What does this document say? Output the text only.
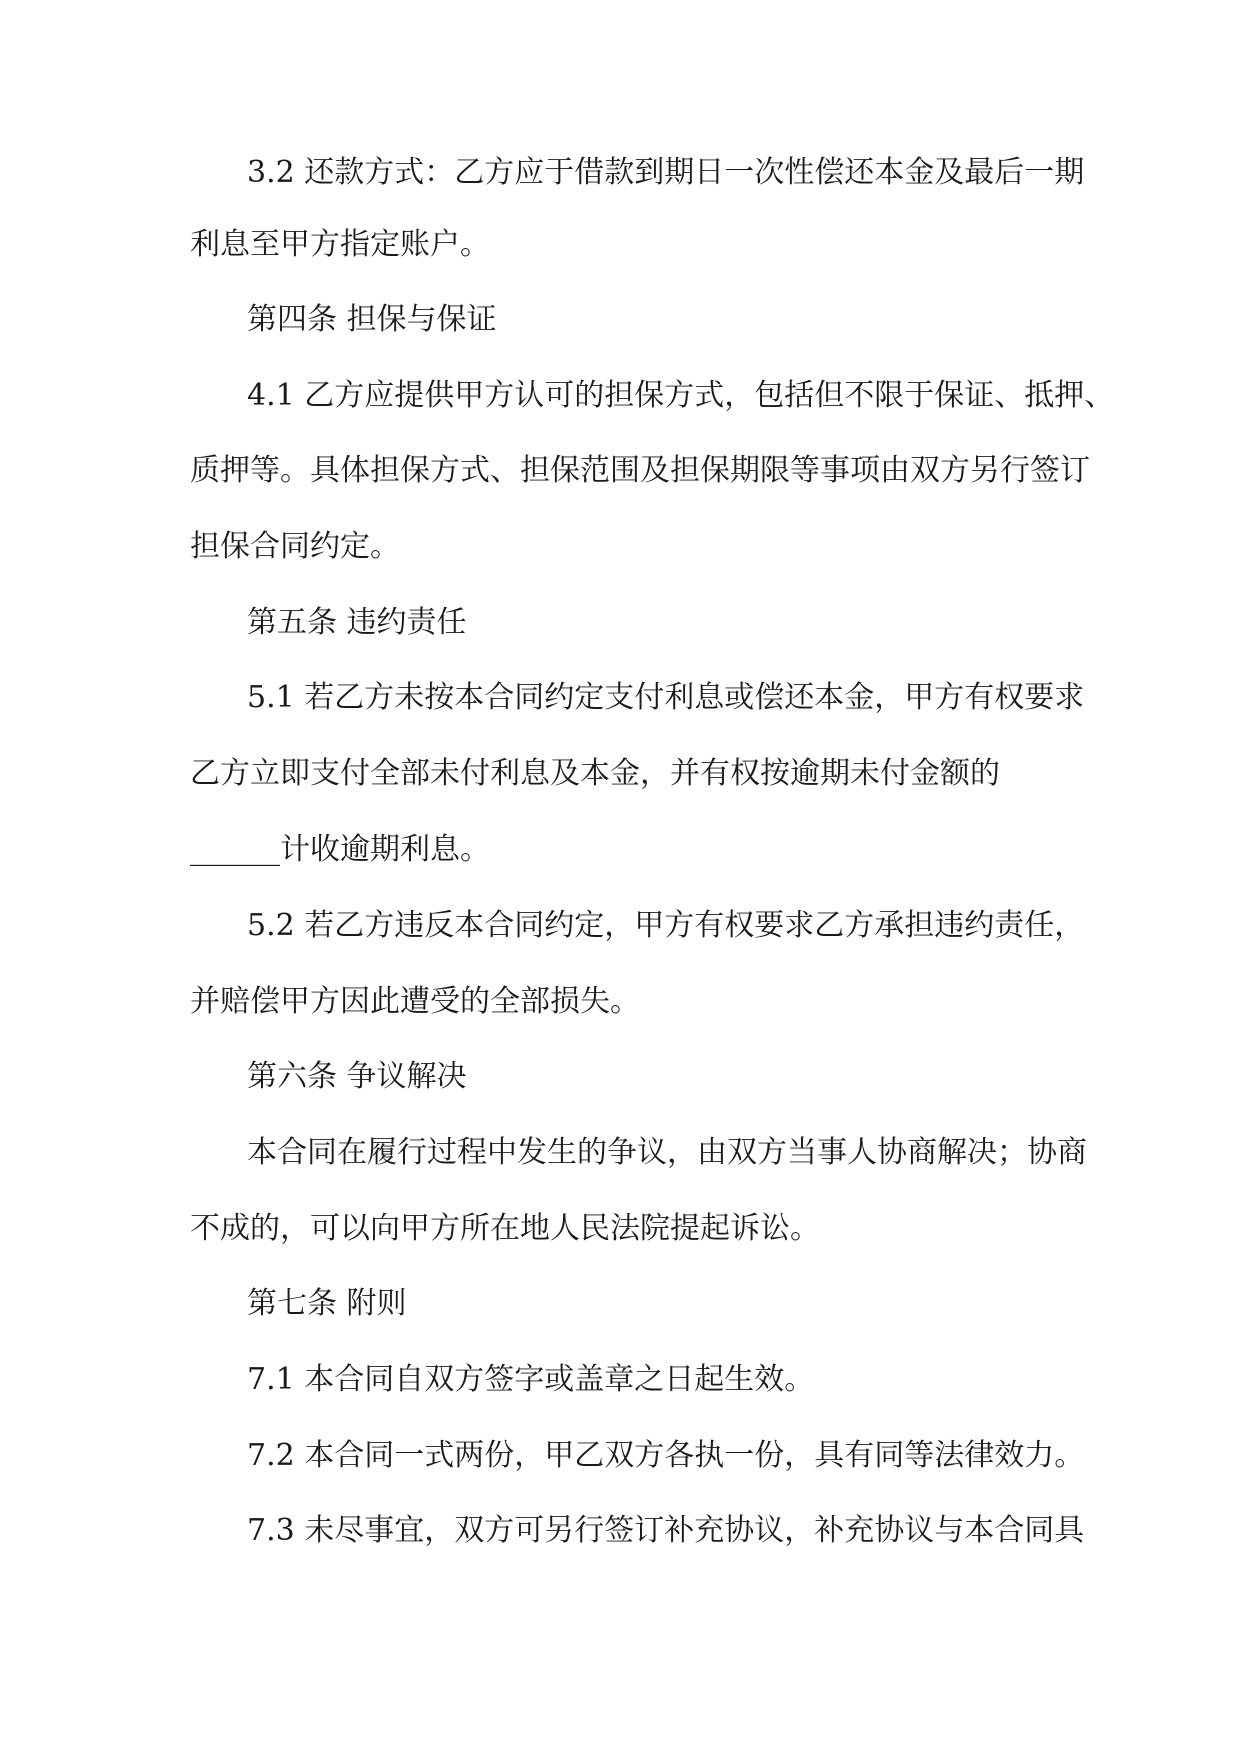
3.2 还款方式：乙方应于借款到期日一次性偿还本金及最后一期

利息至甲方指定账户。

第四条 担保与保证

4.1 乙方应提供甲方认可的担保方式，包括但不限于保证、抵押、

质押等。具体担保方式、担保范围及担保期限等事项由双方另行签订

担保合同约定。

第五条 违约责任

5.1 若乙方未按本合同约定支付利息或偿还本金，甲方有权要求

乙方立即支付全部未付利息及本金，并有权按逾期未付金额的

______计收逾期利息。

5.2 若乙方违反本合同约定，甲方有权要求乙方承担违约责任，

并赔偿甲方因此遭受的全部损失。

第六条 争议解决

本合同在履行过程中发生的争议，由双方当事人协商解决；协商

不成的，可以向甲方所在地人民法院提起诉讼。

第七条 附则

7.1 本合同自双方签字或盖章之日起生效。

7.2 本合同一式两份，甲乙双方各执一份，具有同等法律效力。

7.3 未尽事宜，双方可另行签订补充协议，补充协议与本合同具
